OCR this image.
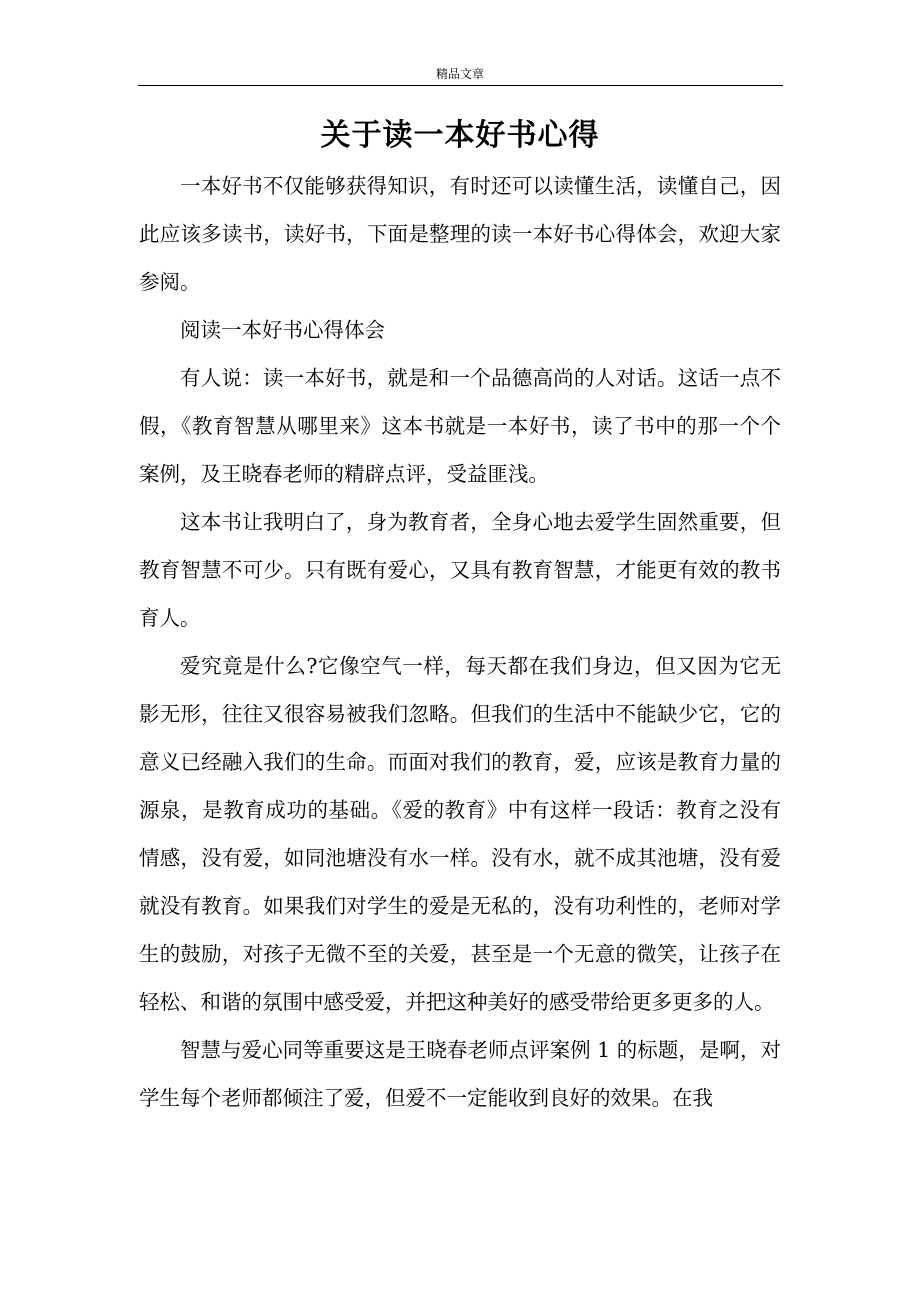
精品文章
关于读一本好书心得

一本好书不仅能够获得知识，有时还可以读懂生活，读懂自己，因此应该多读书，读好书，下面是整理的读一本好书心得体会，欢迎大家参阅。

阅读一本好书心得体会

有人说：读一本好书，就是和一个品德高尚的人对话。这话一点不假，《教育智慧从哪里来》这本书就是一本好书，读了书中的那一个个案例，及王晓春老师的精辟点评，受益匪浅。

这本书让我明白了，身为教育者，全身心地去爱学生固然重要，但教育智慧不可少。只有既有爱心，又具有教育智慧，才能更有效的教书育人。

爱究竟是什么?它像空气一样，每天都在我们身边，但又因为它无影无形，往往又很容易被我们忽略。但我们的生活中不能缺少它，它的意义已经融入我们的生命。而面对我们的教育，爱，应该是教育力量的源泉，是教育成功的基础。《爱的教育》中有这样一段话：教育之没有情感，没有爱，如同池塘没有水一样。没有水，就不成其池塘，没有爱就没有教育。如果我们对学生的爱是无私的，没有功利性的，老师对学生的鼓励，对孩子无微不至的关爱，甚至是一个无意的微笑，让孩子在轻松、和谐的氛围中感受爱，并把这种美好的感受带给更多更多的人。

智慧与爱心同等重要这是王晓春老师点评案例 1 的标题，是啊，对学生每个老师都倾注了爱，但爱不一定能收到良好的效果。在我
